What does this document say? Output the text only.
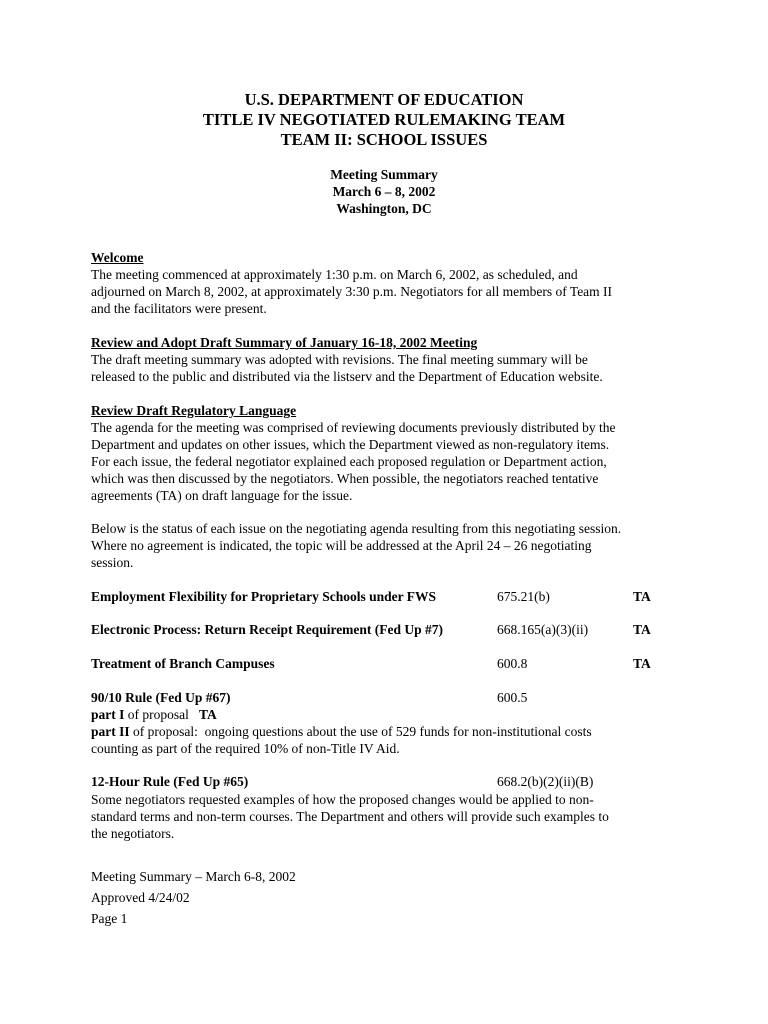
U.S. DEPARTMENT OF EDUCATION
TITLE IV NEGOTIATED RULEMAKING TEAM
TEAM II: SCHOOL ISSUES
Meeting Summary
March 6 – 8, 2002
Washington, DC
Welcome
The meeting commenced at approximately 1:30 p.m. on March 6, 2002, as scheduled, and
adjourned on March 8, 2002, at approximately 3:30 p.m. Negotiators for all members of Team II
and the facilitators were present.
Review and Adopt Draft Summary of January 16-18, 2002 Meeting
The draft meeting summary was adopted with revisions. The final meeting summary will be
released to the public and distributed via the listserv and the Department of Education website.
Review Draft Regulatory Language
The agenda for the meeting was comprised of reviewing documents previously distributed by the
Department and updates on other issues, which the Department viewed as non-regulatory items.
For each issue, the federal negotiator explained each proposed regulation or Department action,
which was then discussed by the negotiators. When possible, the negotiators reached tentative
agreements (TA) on draft language for the issue.
Below is the status of each issue on the negotiating agenda resulting from this negotiating session.
Where no agreement is indicated, the topic will be addressed at the April 24 – 26 negotiating
session.
Employment Flexibility for Proprietary Schools under FWS	675.21(b)	TA
Electronic Process: Return Receipt Requirement (Fed Up #7)	668.165(a)(3)(ii)	TA
Treatment of Branch Campuses	600.8	TA
90/10 Rule (Fed Up #67)	600.5
part I of proposal   TA
part II of proposal:  ongoing questions about the use of 529 funds for non-institutional costs
counting as part of the required 10% of non-Title IV Aid.
12-Hour Rule (Fed Up #65)	668.2(b)(2)(ii)(B)
Some negotiators requested examples of how the proposed changes would be applied to non-
standard terms and non-term courses. The Department and others will provide such examples to
the negotiators.
Meeting Summary – March 6-8, 2002
Approved 4/24/02
Page 1
